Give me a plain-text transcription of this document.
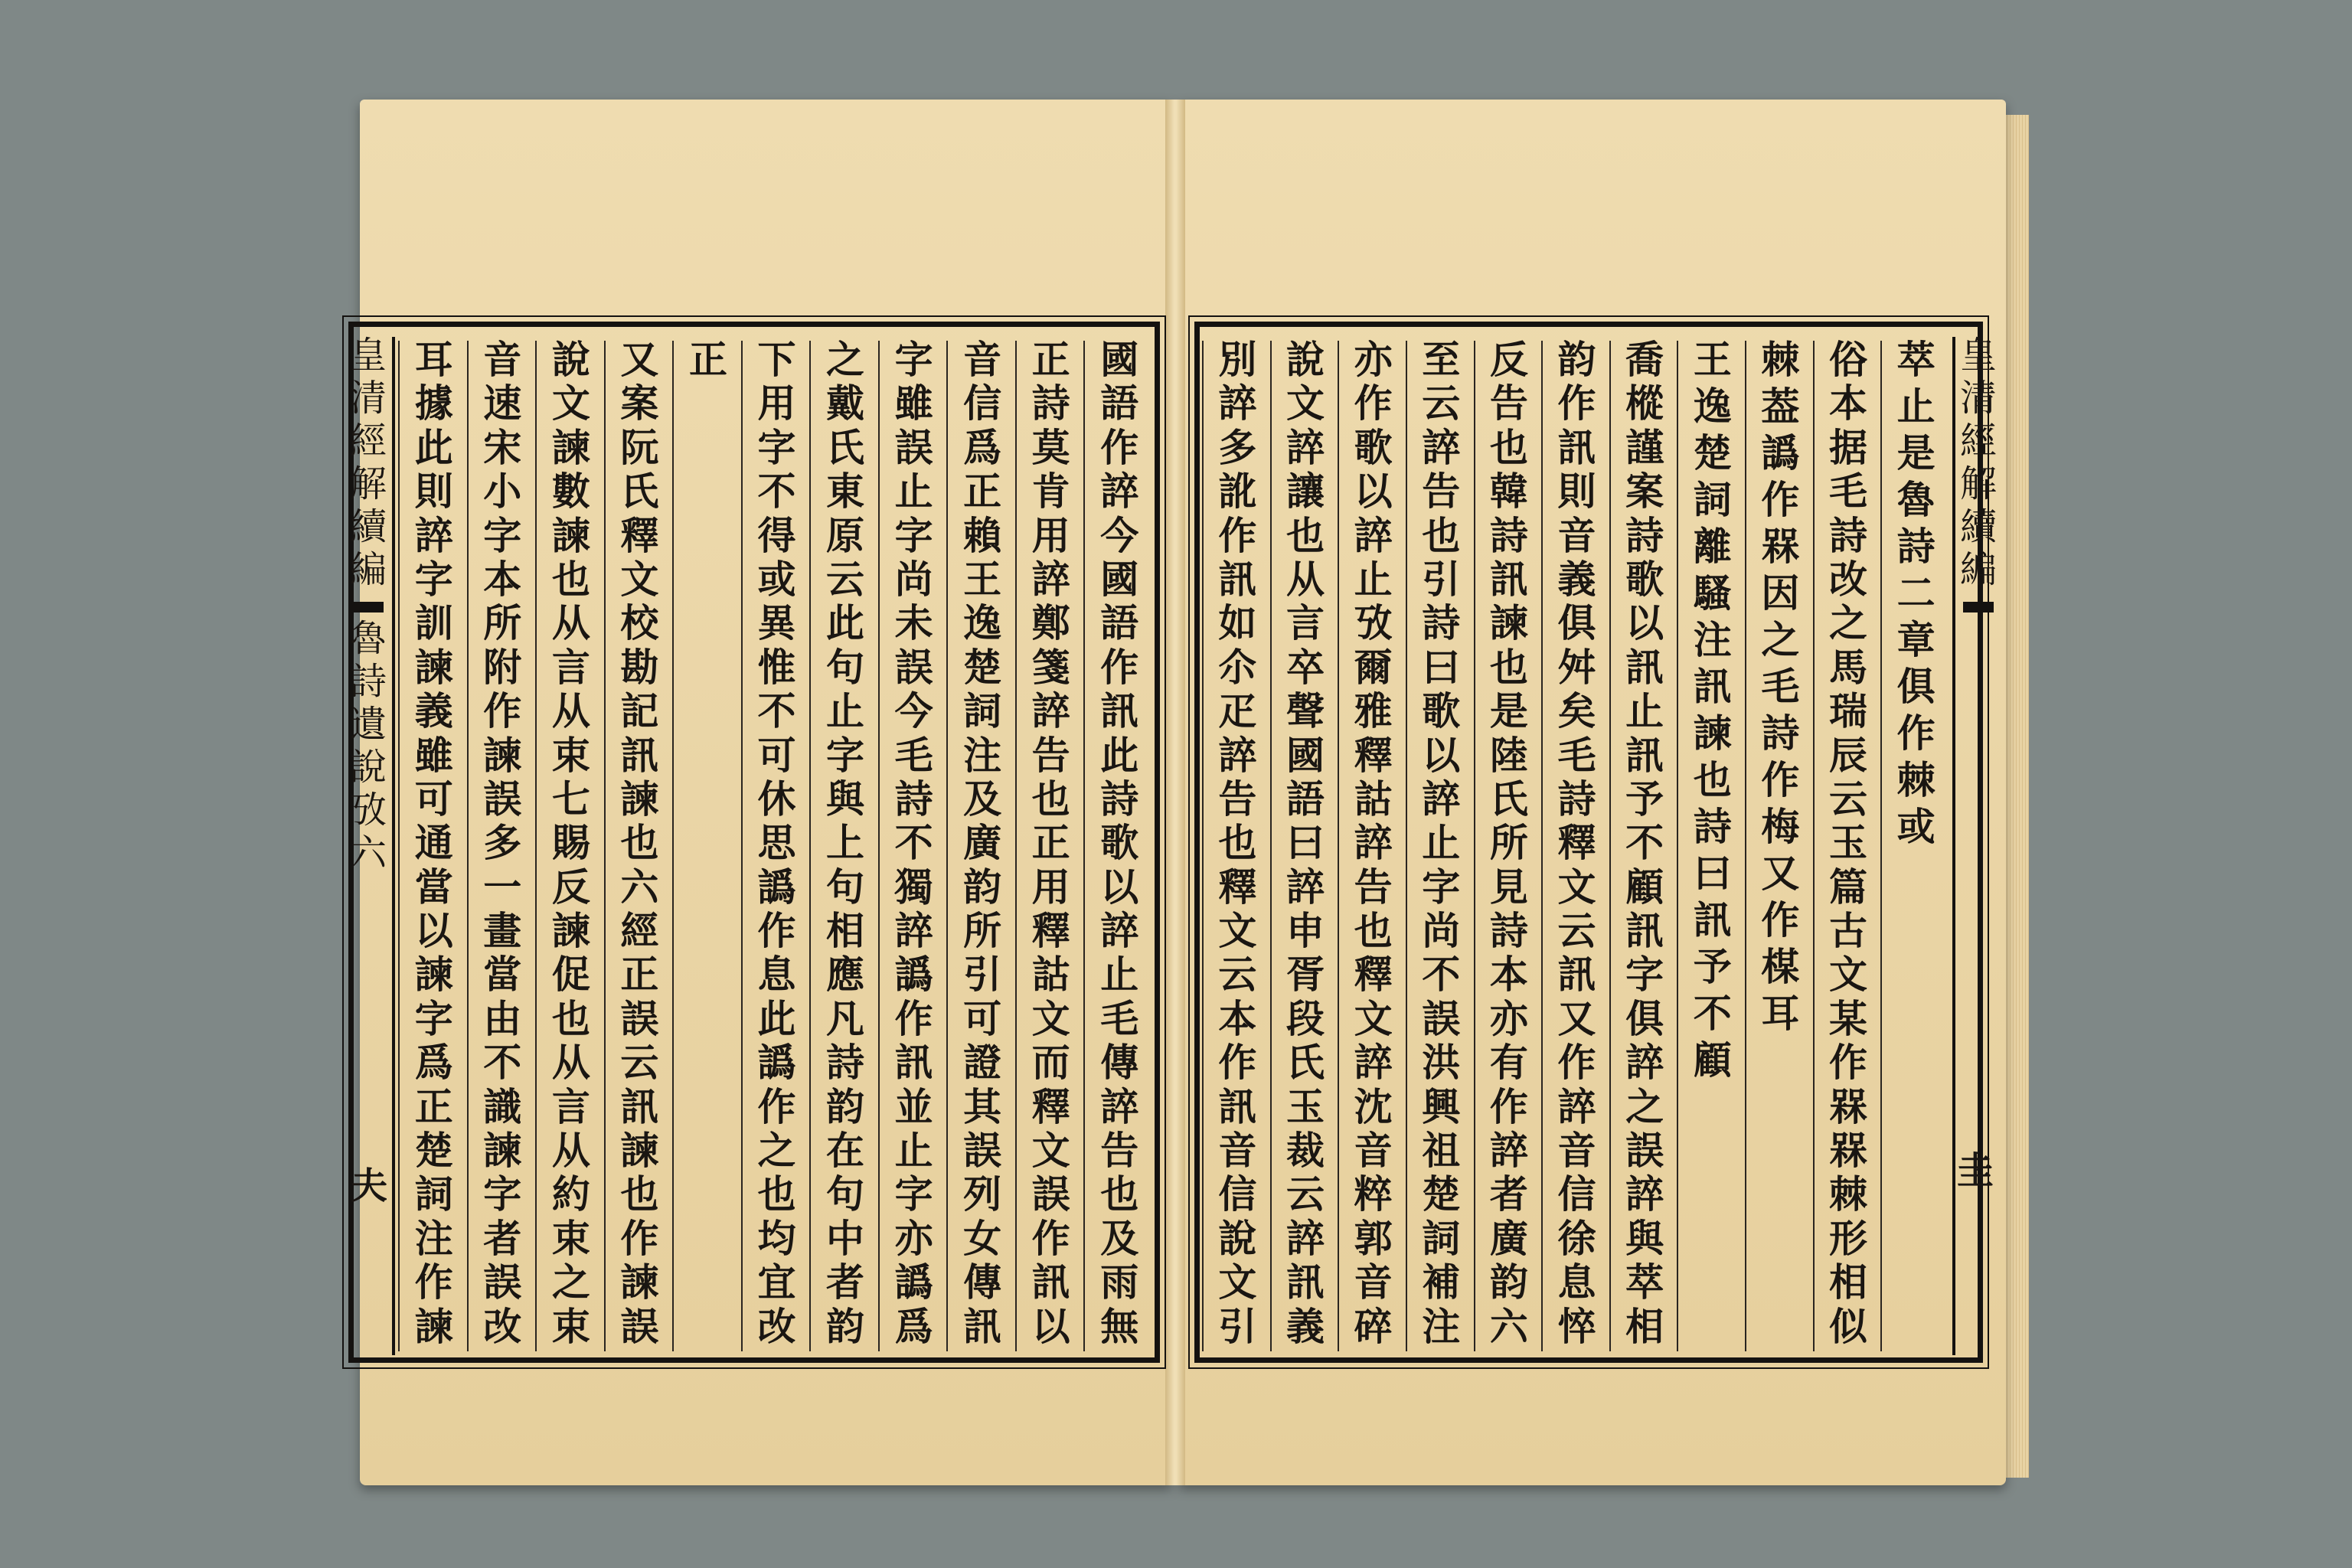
皇
清
經
解
續
編
魯
詩
遺
說
攷
六
夫
皇
清
經
解
續
編
圭
國
語
作
誶
今
國
語
作
訊
此
詩
歌
以
誶
止
毛
傳
誶
告
也
及
雨
無
正
詩
莫
肯
用
誶
鄭
箋
誶
告
也
正
用
釋
詁
文
而
釋
文
誤
作
訊
以
音
信
爲
正
賴
王
逸
楚
詞
注
及
廣
韵
所
引
可
證
其
誤
列
女
傳
訊
字
雖
誤
止
字
尚
未
誤
今
毛
詩
不
獨
誶
譌
作
訊
並
止
字
亦
譌
爲
之
戴
氏
東
原
云
此
句
止
字
與
上
句
相
應
凡
詩
韵
在
句
中
者
韵
下
用
字
不
得
或
異
惟
不
可
休
思
譌
作
息
此
譌
作
之
也
均
宜
改
正
又
案
阮
氏
釋
文
校
勘
記
訊
諫
也
六
經
正
誤
云
訊
諫
也
作
諫
誤
說
文
諫
數
諫
也
从
言
从
束
七
賜
反
諫
促
也
从
言
从
約
束
之
束
音
速
宋
小
字
本
所
附
作
諫
誤
多
一
畫
當
由
不
識
諫
字
者
誤
改
耳
據
此
則
誶
字
訓
諫
義
雖
可
通
當
以
諫
字
爲
正
楚
詞
注
作
諫
萃
止
是
魯
詩
二
章
俱
作
棘
或
俗
本
据
毛
詩
改
之
馬
瑞
辰
云
玉
篇
古
文
某
作
槑
槑
棘
形
相
似
棘
葢
譌
作
槑
因
之
毛
詩
作
梅
又
作
楳
耳
王
逸
楚
詞
離
騷
注
訊
諫
也
詩
曰
訊
予
不
顧
喬
樅
謹
案
詩
歌
以
訊
止
訊
予
不
顧
訊
字
俱
誶
之
誤
誶
與
萃
相
韵
作
訊
則
音
義
俱
舛
矣
毛
詩
釋
文
云
訊
又
作
誶
音
信
徐
息
悴
反
告
也
韓
詩
訊
諫
也
是
陸
氏
所
見
詩
本
亦
有
作
誶
者
廣
韵
六
至
云
誶
告
也
引
詩
曰
歌
以
誶
止
字
尚
不
誤
洪
興
祖
楚
詞
補
注
亦
作
歌
以
誶
止
攷
爾
雅
釋
詁
誶
告
也
釋
文
誶
沈
音
粹
郭
音
碎
說
文
誶
讓
也
从
言
卒
聲
國
語
曰
誶
申
胥
段
氏
玉
裁
云
誶
訊
義
別
誶
多
訛
作
訊
如
尒
疋
誶
告
也
釋
文
云
本
作
訊
音
信
說
文
引
